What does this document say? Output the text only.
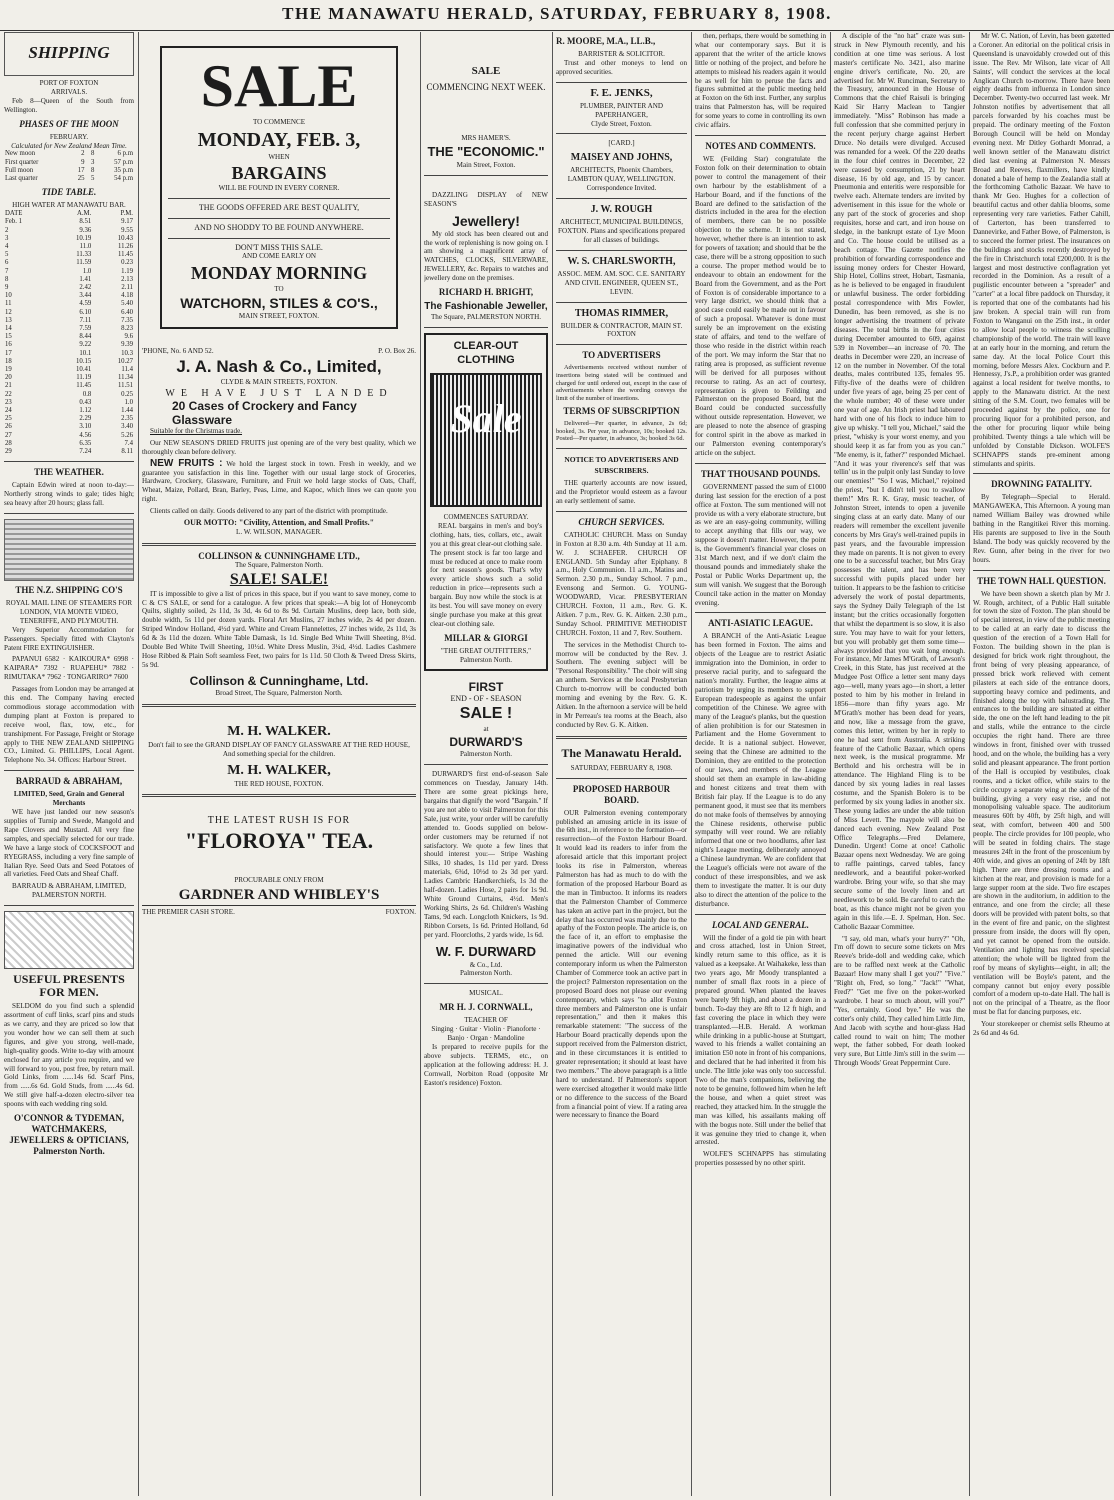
THE MANAWATU HERALD, SATURDAY, FEBRUARY 8, 1908.
SHIPPING
PORT OF FOXTON
ARRIVALS.

Feb 8—Queen of the South from Wellington.

PHASES OF THE MOON
FEBRUARY.
Calculated for New Zealand Mean Time.
New moon	2	8	6 p.m
First quarter	9	3	57 p.m
Full moon	17	8	35 p.m
Last quarter	25	5	54 p.m
TIDE TABLE.
HIGH WATER AT MANAWATU BAR.
DATE	A.M.	P.M.
Feb. 1	8.51	9.17
2	9.36	9.55
3	10.19	10.43
4	11.0	11.26
5	11.33	11.45
6	11.59	0.23
7	1.0	1.19
8	1.41	2.13
9	2.42	2.11
10	3.44	4.18
11	4.59	5.40
12	6.10	6.40
13	7.11	7.35
14	7.59	8.23
15	8.44	9.6
16	9.22	9.39
17	10.1	10.3
18	10.15	10.27
19	10.41	11.4
20	11.19	11.34
21	11.45	11.51
22	0.8	0.25
23	0.43	1.0
24	1.12	1.44
25	2.29	2.35
26	3.10	3.40
27	4.56	5.26
28	6.35	7.4
29	7.24	8.11
THE WEATHER.

Captain Edwin wired at noon to-day:— Northerly strong winds to gale; tides high; sea heavy after 20 hours; glass fall.

THE N.Z. SHIPPING CO'S
ROYAL MAIL LINE OF STEAMERS FOR LONDON, VIA MONTE VIDEO, TENERIFFE, AND PLYMOUTH.

Very Superior Accommodation for Passengers. Specially fitted with Clayton's Patent FIRE EXTINGUISHER.

PAPANUI 6582 · KAIKOURA* 6998 · KAIPARA* 7392 · RUAPEHU* 7882 · RIMUTAKA* 7962 · TONGARIRO* 7600

Passages from London may be arranged at this end. The Company having erected commodious storage accommodation with dumping plant at Foxton is prepared to receive wool, flax, tow, etc., for transhipment. For Passage, Freight or Storage apply to THE NEW ZEALAND SHIPPING CO., Limited. G. PHILLIPS, Local Agent. Telephone No. 34. Offices: Harbour Street.

BARRAUD & ABRAHAM,
LIMITED, Seed, Grain and General Merchants

WE have just landed our new season's supplies of Turnip and Swede, Mangold and Rape Clovers and Mustard. All very fine samples, and specially selected for our trade. We have a large stock of COCKSFOOT and RYEGRASS, including a very fine sample of Italian Rye. Seed Oats and Seed Potatoes of all varieties. Feed Oats and Sheaf Chaff.

BARRAUD & ABRAHAM, LIMITED, PALMERSTON NORTH.
USEFUL PRESENTS FOR MEN.

SELDOM do you find such a splendid assortment of cuff links, scarf pins and studs as we carry, and they are priced so low that you wonder how we can sell them at such figures, and give you strong, well-made, high-quality goods. Write to-day with amount enclosed for any article you require, and we will forward to you, post free, by return mail. Gold Links, from ......14s 6d. Scarf Pins, from ......6s 6d. Gold Studs, from ......4s 6d. We still give half-a-dozen electro-silver tea spoons with each wedding ring sold.

O'CONNOR & TYDEMAN, WATCHMAKERS, JEWELLERS & OPTICIANS, Palmerston North.
SALE
TO COMMENCE
MONDAY, FEB. 3,
WHEN
BARGAINS
WILL BE FOUND IN EVERY CORNER.
THE GOODS OFFERED ARE BEST QUALITY,
AND NO SHODDY TO BE FOUND ANYWHERE.
DON'T MISS THIS SALE.
AND COME EARLY ON
MONDAY MORNING
TO
WATCHORN, STILES & CO'S.,
MAIN STREET, FOXTON.
'PHONE, No. 6 AND 52.	P. O. Box 26.
J. A. Nash & Co., Limited,
CLYDE & MAIN STREETS, FOXTON.
WE HAVE JUST LANDED
20 Cases of Crockery and Fancy Glassware

Suitable for the Christmas trade.

Our NEW SEASON'S DRIED FRUITS just opening are of the very best quality, which we thoroughly clean before delivery.

NEW FRUITS : We hold the largest stock in town. Fresh in weekly, and we guarantee you satisfaction in this line. Together with our usual large stock of Groceries, Hardware, Crockery, Glassware, Furniture, and Fruit we hold large stocks of Oats, Chaff, Wheat, Maize, Pollard, Bran, Barley, Peas, Lime, and Kapoc, which lines we can quote you right.

Clients called on daily. Goods delivered to any part of the district with promptitude.

OUR MOTTO: "Civility, Attention, and Small Profits."
L. W. WILSON, MANAGER.
COLLINSON & CUNNINGHAME LTD.,
The Square, Palmerston North.
SALE! SALE!

IT is impossible to give a list of prices in this space, but if you want to save money, come to C & C'S SALE, or send for a catalogue. A few prices that speak:—A big lot of Honeycomb Quilts, slightly soiled, 2s 11d, 3s 3d, 4s 6d to 8s 9d. Curtain Muslins, deep lace, both side, double width, 5s 11d per dozen yards. Floral Art Muslins, 27 inches wide, 2s 4d per dozen. Striped Window Holland, 4½d yard. White and Cream Flannelettes, 27 inches wide, 2s 11d, 3s 6d & 3s 11d the dozen. White Table Damask, 1s 1d. Single Bed White Twill Sheeting, 8½d. Double Bed White Twill Sheeting, 10½d. White Dress Muslin, 3¼d, 4½d. Ladies Cashmere Hose Ribbed & Plain Soft seamless Feet, two pairs for 1s 11d. 50 Cloth & Tweed Dress Skirts, 5s 9d.

Collinson & Cunninghame, Ltd.
Broad Street, The Square, Palmerston North.
M. H. WALKER.

Don't fail to see the GRAND DISPLAY OF FANCY GLASSWARE AT THE RED HOUSE, And something special for the children.

M. H. WALKER,
THE RED HOUSE, FOXTON.
THE LATEST RUSH IS FOR
"FLOROYA" TEA.
PROCURABLE ONLY FROM
GARDNER AND WHIBLEY'S
THE PREMIER CASH STORE.	FOXTON.
SALE
COMMENCING NEXT WEEK.
MRS HAMER'S.
THE "ECONOMIC."
Main Street, Foxton.

DAZZLING DISPLAY of NEW SEASON'S

Jewellery!

My old stock has been cleared out and the work of replenishing is now going on. I am showing a magnificent array of WATCHES, CLOCKS, SILVERWARE, JEWELLERY, &c. Repairs to watches and jewellery done on the premises.

RICHARD H. BRIGHT,
The Fashionable Jeweller,
The Square, PALMERSTON NORTH.
CLEAR-OUT CLOTHING
Sale
COMMENCES SATURDAY.

REAL bargains in men's and boy's clothing, hats, ties, collars, etc., await you at this great clear-out clothing sale. The present stock is far too large and must be reduced at once to make room for next season's goods. That's why every article shows such a solid reduction in price—represents such a bargain. Buy now while the stock is at its best. You will save money on every single purchase you make at this great clear-out clothing sale.

MILLAR & GIORGI
"THE GREAT OUTFITTERS,"
Palmerston North.
FIRST
END - OF - SEASON
SALE !
at
DURWARD'S
Palmerston North.

DURWARD'S first end-of-season Sale commences on Tuesday, January 14th. There are some great pickings here, bargains that dignify the word "Bargain." If you are not able to visit Palmerston for this Sale, just write, your order will be carefully attended to. Goods supplied on below-order customers may be returned if not satisfactory. We quote a few lines that should interest you:— Stripe Washing Silks, 10 shades, 1s 11d per yard. Dress materials, 6¾d, 10½d to 2s 3d per yard. Ladies Cambric Handkerchiefs, 1s 3d the half-dozen. Ladies Hose, 2 pairs for 1s 9d. White Ground Curtains, 4½d. Men's Working Shirts, 2s 6d. Children's Washing Tams, 9d each. Longcloth Knickers, 1s 9d. Ribbon Corsets, 1s 6d. Printed Holland, 6d per yard. Floorcloths, 2 yards wide, 1s 6d.

W. F. DURWARD
& Co., Ltd.
Palmerston North.
MUSICAL.
MR H. J. CORNWALL,
TEACHER OF
Singing · Guitar · Violin · Pianoforte · Banjo · Organ · Mandoline

Is prepared to receive pupils for the above subjects. TERMS, etc., on application at the following address: H. J. Cornwall, Norbiton Road (opposite Mr Easton's residence) Foxton.

R. MOORE, M.A., LL.B.,
BARRISTER & SOLICITOR.

Trust and other moneys to lend on approved securities.

F. E. JENKS,
PLUMBER, PAINTER AND PAPERHANGER,
Clyde Street, Foxton.
[CARD.]
MAISEY AND JOHNS,

ARCHITECTS, Phoenix Chambers, LAMBTON QUAY, WELLINGTON. Correspondence Invited.

J. W. ROUGH

ARCHITECT, MUNICIPAL BUILDINGS, FOXTON. Plans and specifications prepared for all classes of buildings.

W. S. CHARLSWORTH,

ASSOC. MEM. AM. SOC. C.E. SANITARY AND CIVIL ENGINEER, QUEEN ST., LEVIN.

THOMAS RIMMER,
BUILDER & CONTRACTOR, MAIN ST. FOXTON
TO ADVERTISERS

Advertisements received without number of insertions being stated will be continued and charged for until ordered out, except in the case of advertisements where the wording conveys the limit of the number of insertions.

TERMS OF SUBSCRIPTION

Delivered—Per quarter, in advance, 2s 6d; booked, 3s. Per year, in advance, 10s; booked 12s. Posted—Per quarter, in advance, 3s; booked 3s 6d.

NOTICE TO ADVERTISERS AND SUBSCRIBERS.

THE quarterly accounts are now issued, and the Proprietor would esteem as a favour an early settlement of same.

CHURCH SERVICES.

CATHOLIC CHURCH. Mass on Sunday in Foxton at 8.30 a.m. 4th Sunday at 11 a.m. W. J. SCHAEFER. CHURCH OF ENGLAND. 5th Sunday after Epiphany. 8 a.m., Holy Communion. 11 a.m., Matins and Sermon. 2.30 p.m., Sunday School. 7 p.m., Evensong and Sermon. G. YOUNG-WOODWARD, Vicar. PRESBYTERIAN CHURCH. Foxton, 11 a.m., Rev. G. K. Aitken. 7 p.m., Rev. G. K. Aitken. 2.30 p.m., Sunday School. PRIMITIVE METHODIST CHURCH. Foxton, 11 and 7, Rev. Southern.

The services in the Methodist Church to-morrow will be conducted by the Rev. J. Southern. The evening subject will be "Personal Responsibility." The choir will sing an anthem. Services at the local Presbyterian Church to-morrow will be conducted both morning and evening by the Rev. G. K. Aitken. In the afternoon a service will be held in Mr Perreau's tea rooms at the Beach, also conducted by Rev. G. K. Aitken.

The Manawatu Herald.
SATURDAY, FEBRUARY 8, 1908.
PROPOSED HARBOUR BOARD.

OUR Palmerston evening contemporary published an amusing article in its issue of the 6th inst., in reference to the formation—or resurrection—of the Foxton Harbour Board. It would lead its readers to infer from the aforesaid article that this important project looks its rise in Palmerston, whereas Palmerston has had as much to do with the formation of the proposed Harbour Board as the man in Timbuctoo. It informs its readers that the Palmerston Chamber of Commerce has taken an active part in the project, but the delay that has occurred was mainly due to the apathy of the Foxton people. The article is, on the face of it, an effort to emphasise the imaginative powers of the individual who penned the article. Will our evening contemporary inform us when the Palmerston Chamber of Commerce took an active part in the project? Palmerston representation on the proposed Board does not please our evening contemporary, which says "to allot Foxton three members and Palmerston one is unfair representation," and then it makes this remarkable statement: "The success of the Harbour Board practically depends upon the support received from the Palmerston district, and in these circumstances it is entitled to greater representation; it should at least have two members." The above paragraph is a little hard to understand. If Palmerston's support were exercised altogether it would make little or no difference to the success of the Board from a financial point of view. If a rating area were necessary to finance the Board

then, perhaps, there would be something in what our contemporary says. But it is apparent that the writer of the article knows little or nothing of the project, and before he attempts to mislead his readers again it would be as well for him to peruse the facts and figures submitted at the public meeting held at Foxton on the 6th inst. Further, any surplus trains that Palmerston has, will be required for some years to come in controlling its own civic affairs.

NOTES AND COMMENTS.

WE (Feilding Star) congratulate the Foxton folk on their determination to obtain power to control the management of their own harbour by the establishment of a Harbour Board, and if the functions of the Board are defined to the satisfaction of the districts included in the area for the election of members, there can be no possible objection to the scheme. It is not stated, however, whether there is an intention to ask for powers of taxation; and should that be the case, there will be a strong opposition to such a course. The proper method would be to endeavour to obtain an endowment for the Board from the Government, and as the Port of Foxton is of considerable importance to a very large district, we should think that a good case could easily be made out in favour of such a proposal. Whatever is done must surely be an improvement on the existing state of affairs, and tend to the welfare of those who reside in the district within reach of the port. We may inform the Star that no rating area is proposed, as sufficient revenue will be derived for all purposes without recourse to rating. As an act of courtesy, representation is given to Feilding and Palmerston on the proposed Board, but the Board could be conducted successfully without outside representation. However, we are pleased to note the absence of grasping for control spirit in the above as marked in our Palmerston evening contemporary's article on the subject.

THAT THOUSAND POUNDS.

GOVERNMENT passed the sum of £1000 during last session for the erection of a post office at Foxton. The sum mentioned will not provide us with a very elaborate structure, but as we are an easy-going community, willing to accept anything that fills our way, we suppose it doesn't matter. However, the point is, the Government's financial year closes on 31st March next, and if we don't claim the thousand pounds and immediately shake the Postal or Public Works Department up, the sum will vanish. We suggest that the Borough Council take action in the matter on Monday evening.

ANTI-ASIATIC LEAGUE.

A BRANCH of the Anti-Asiatic League has been formed in Foxton. The aims and objects of the League are to restrict Asiatic immigration into the Dominion, in order to preserve racial purity, and to safeguard the nation's morality. Further, the league aims at patriotism by urging its members to support European tradespeople as against the unfair competition of the Chinese. We agree with many of the League's planks, but the question of alien prohibition is for our Statesmen in Parliament and the Home Government to decide. It is a national subject. However, seeing that the Chinese are admitted to the Dominion, they are entitled to the protection of our laws, and members of the League should set them an example in law-abiding and honest citizens and treat them with British fair play. If the League is to do any permanent good, it must see that its members do not make fools of themselves by annoying the Chinese residents, otherwise public sympathy will veer round. We are reliably informed that one or two hoodlums, after last night's League meeting, deliberately annoyed a Chinese laundryman. We are confident that the League's officials were not aware of the conduct of these irresponsibles, and we ask them to investigate the matter. It is our duty also to direct the attention of the police to the disturbance.

LOCAL AND GENERAL.

Will the finder of a gold tie pin with heart and cross attached, lost in Union Street, kindly return same to this office, as it is valued as a keepsake. At Waihakeke, less than two years ago, Mr Moody transplanted a number of small flax roots in a piece of prepared ground. When planted the leaves were barely 9ft high, and about a dozen in a bunch. To-day they are 8ft to 12 ft high, and fast covering the place in which they were transplanted.—H.B. Herald. A workman while drinking in a public-house at Stuttgart, waved to his friends a wallet containing an imitation £50 note in front of his companions, and declared that he had inherited it from his uncle. The little joke was only too successful. Two of the man's companions, believing the note to be genuine, followed him when he left the house, and when a quiet street was reached, they attacked him. In the struggle the man was killed, his assailants making off with the bogus note. Still under the belief that it was genuine they tried to change it, when arrested.

WOLFE'S SCHNAPPS has stimulating properties possessed by no other spirit.

A disciple of the "no hat" craze was sun-struck in New Plymouth recently, and his condition at one time was serious. A lost master's certificate No. 3421, also marine engine driver's certificate, No. 20, are advertised for. Mr W. Runciman, Secretary to the Treasury, announced in the House of Commons that the chief Raisuli is bringing Kaid Sir Harry Maclean to Tangier immediately. "Miss" Robinson has made a full confession that she committed perjury in the recent perjury charge against Herbert Druce. No details were divulged. Accused was remanded for a week. Of the 220 deaths in the four chief centres in December, 22 were caused by consumption, 21 by heart disease, 16 by old age, and 15 by cancer. Pneumonia and enteritis were responsible for twelve each. Alternate tenders are invited by advertisement in this issue for the whole or any part of the stock of groceries and shop requisites, horse and cart, and iron house on sledge, in the bankrupt estate of Lye Moon and Co. The house could be utilised as a beach cottage. The Gazette notifies the prohibition of forwarding correspondence and issuing money orders for Chester Howard, Ship Hotel, Collins street, Hobart, Tasmania, as he is believed to be engaged in fraudulent or unlawful business. The order forbidding postal correspondence with Mrs Fowler, Dunedin, has been removed, as she is no longer advertising the treatment of private diseases. The total births in the four cities during December amounted to 609, against 539 in November—an increase of 70. The deaths in December were 220, an increase of 12 on the number in November. Of the total deaths, males contributed 135, females 95. Fifty-five of the deaths were of children under five years of age, being 25 per cent of the whole number; 40 of these were under one year of age. An Irish priest had laboured hard with one of his flock to induce him to give up whisky. "I tell you, Michael," said the priest, "whisky is your worst enemy, and you should keep it as far from you as you can." "Me enemy, is it, father?" responded Michael. "And it was your riverence's self that was tellin' us in the pulpit only last Sunday to love our enemies!" "So I was, Michael," rejoined the priest, "but I didn't tell you to swallow them!" Mrs R. K. Gray, music teacher, of Johnston Street, intends to open a juvenile singing class at an early date. Many of our readers will remember the excellent juvenile concerts by Mrs Gray's well-trained pupils in past years, and the favourable impression they made on parents. It is not given to every one to be a successful teacher, but Mrs Gray possesses the talent, and has been very successful with pupils placed under her tuition. It appears to be the fashion to criticise adversely the work of postal departments, says the Sydney Daily Telegraph of the 1st instant; but the critics occasionally forgotten that whilst the department is so slow, it is also sure. You may have to wait for your letters, but you will probably get them some time—always provided that you wait long enough. For instance, Mr James M'Grath, of Lawson's Creek, in this State, has just received at the Mudgee Post Office a letter sent many days ago—well, many years ago—in short, a letter posted to him by his mother in Ireland in 1856—more than fifty years ago. Mr M'Grath's mother has been dead for years, and now, like a message from the grave, comes this letter, written by her in reply to one he had sent from Australia. A striking feature of the Catholic Bazaar, which opens next week, is the musical programme. Mr Berthold and his orchestra will be in attendance. The Highland Fling is to be danced by six young ladies in real lasses costume, and the Spanish Bolero is to be performed by six young ladies in another six. These young ladies are under the able tuition of Miss Levett. The maypole will also be danced each evening. New Zealand Post Office Telegraphs.—Fred Delamere, Dunedin. Urgent! Come at once! Catholic Bazaar opens next Wednesday. We are going to raffle paintings, carved tables, fancy needlework, and a beautiful poker-worked wardrobe. Bring your wife, so that she may secure some of the lovely linen and art needlework to be sold. Be careful to catch the boat, as this chance might not be given you again in this life.—E. J. Spelman, Hon. Sec. Catholic Bazaar Committee.

"I say, old man, what's your hurry?" "Oh, I'm off down to secure some tickets on Mrs Reeve's bride-doll and wedding cake, which are to be raffled next week at the Catholic Bazaar! How many shall I get you?" "Five." "Right oh, Fred, so long." "Jack!" "What, Fred?" "Get me five on the poker-worked wardrobe. I hear so much about, will you?" "Yes, certainly. Good bye." He was the cotter's only child, They called him Little Jim, And Jacob with scythe and hour-glass Had called round to wait on him; The mother wept, the father sobbed, For death looked very sure, But Little Jim's still in the swim — Through Woods' Great Peppermint Cure.

Mr W. C. Nation, of Levin, has been gazetted a Coroner. An editorial on the political crisis in Queensland is unavoidably crowded out of this issue. The Rev. Mr Wilson, late vicar of All Saints', will conduct the services at the local Anglican Church to-morrow. There have been eighty deaths from influenza in London since December. Twenty-two occurred last week. Mr Johnston notifies by advertisement that all parcels forwarded by his coaches must be prepaid. The ordinary meeting of the Foxton Borough Council will be held on Monday evening next. Mr Ditley Gothardt Monrad, a well known settler of the Manawatu district died last evening at Palmerston N. Messrs Broad and Reeves, flaxmillers, have kindly donated a bale of hemp to the Zealandia stall at the forthcoming Catholic Bazaar. We have to thank Mr Geo. Hughes for a collection of beautiful cactus and other dahlia blooms, some representing very rare varieties. Father Cahill, of Carterton, has been transferred to Dannevirke, and Father Bowe, of Palmerston, is to succeed the former priest. The insurances on the buildings and stocks recently destroyed by the fire in Christchurch total £200,000. It is the largest and most destructive conflagration yet recorded in the Dominion. As a result of a pugilistic encounter between a "spreader" and "carter" at a local fibre paddock on Thursday, it is reported that one of the combatants had his jaw broken. A special train will run from Foxton to Wanganui on the 25th inst., in order to allow local people to witness the sculling championship of the world. The train will leave at an early hour in the morning, and return the same day. At the local Police Court this morning, before Messrs Alex. Cockburn and P. Hennessy, J's.P., a prohibition order was granted against a local resident for twelve months, to apply to the Manawatu district. At the next sitting of the S.M. Court, two females will be proceeded against by the police, one for procuring liquor for a prohibited person, and the other for procuring liquor while being prohibited. Twenty things a tale which will be unfolded by Constable Dickson. WOLFE'S SCHNAPPS stands pre-eminent among stimulants and spirits.

DROWNING FATALITY.

By Telegraph—Special to Herald. MANGAWEKA, This Afternoon. A young man named William Bailey was drowned while bathing in the Rangitikei River this morning. His parents are supposed to live in the South Island. The body was quickly recovered by the Rev. Gunn, after being in the river for two hours.

THE TOWN HALL QUESTION.

We have been shown a sketch plan by Mr J. W. Rough, architect, of a Public Hall suitable for town the size of Foxton. The plan should be of special interest, in view of the public meeting to be called at an early date to discuss the question of the erection of a Town Hall for Foxton. The building shown in the plan is designed for brick work right throughout, the front being of very pleasing appearance, of pressed brick work relieved with cement pilasters at each side of the entrance doors, supporting heavy cornice and pediments, and finished along the top with balustrading. The entrances to the building are situated at either side, the one on the left hand leading to the pit and stalls, while the entrance to the circle occupies the right hand. There are three windows in front, finished over with trussed hood, and on the whole, the building has a very solid and pleasant appearance. The front portion of the Hall is occupied by vestibules, cloak rooms, and a ticket office, while stairs to the circle occupy a separate wing at the side of the building, giving a very easy rise, and not monopolising valuable space. The auditorium measures 60ft by 40ft, by 25ft high, and will seat, with comfort, between 400 and 500 people. The circle provides for 100 people, who will be seated in folding chairs. The stage measures 24ft in the front of the proscenium by 40ft wide, and gives an opening of 24ft by 18ft high. There are three dressing rooms and a kitchen at the rear, and provision is made for a large supper room at the side. Two fire escapes are shown in the auditorium, in addition to the entrance, and one from the circle; all these doors will be provided with patent bolts, so that in the event of fire and panic, on the slightest pressure from inside, the doors will fly open, and yet cannot be opened from the outside. Ventilation and lighting has received special attention; the whole will be lighted from the roof by means of skylights—eight, in all; the ventilation will be Boyle's patent, and the company cannot but enjoy every possible comfort of a modern up-to-date Hall. The hall is not on the principal of a Theatre, as the floor must be flat for dancing purposes, etc.

Your storekeeper or chemist sells Rheumo at 2s 6d and 4s 6d.
